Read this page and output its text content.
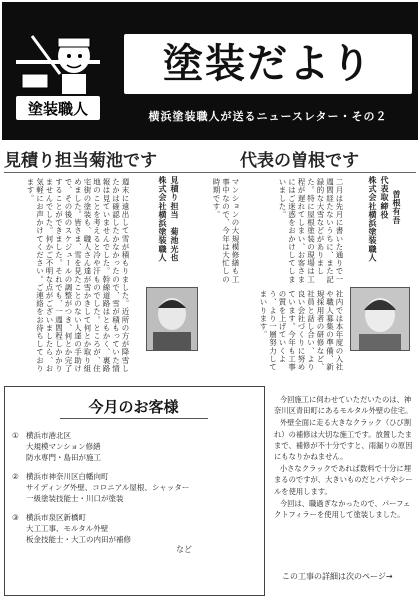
塗装職人
塗装だより
横浜塗装職人が送るニュースレター・その２
見積り担当菊池です	代表の曽根です
株式会社横浜塗装職人 見積り担当　菊池光也
週末に遠出して雪が積もりました。近所の方が降雪したかは確認したかなかったので、雪が積もっていた情報は見ていませんでした。幹線道路はともかく、裏路地のことを考えると冷や汗ものでした。ところが、住宅街の塗装も、職人さん達が雪かきして何とか取り組めました。皆さま、雪を見たことのない人達の手助けで、その後のスケジュールの調整がつき、何とか完了することができました。それでも、一週間程しかかりませんでした。何かご不明な点がございましたら、お気軽にお声かけてください。ご連絡をお待ちしております。	株式会社横浜塗装職人 代表取締役 曽根有吾
二月は先月に書いた通りで一週間経たないうちに、また記録的な大雪などがありました。特に屋根塗装の現場は工程が遅れてしまい、お客さまにはご迷惑をおかけしてしまいました。
マンションの大規模修繕も工事中なので、今年は大忙しの時期です。
社内では本年度の入社や職人募集の準備、新規採用者の研修など、社員と話し合い、より良い会社づくりに努めています。今年も工事の質を上げていくよう、より一層努力してまいります。
今月のお客様
① 横浜市港北区
大規模マンション修繕
防水専門・島田が施工
② 横浜市神奈川区白幡向町
サイディング外壁、コロニアル屋根、シャッター
一級塗装技能士・川口が塗装
③ 横浜市泉区新橋町
大工工事、モルタル外壁
板金技能士・大工の内田が補修
など

今回施工に伺わせていただいたのは、神奈川区青田町にあるモルタル外壁の住宅。

外壁全面に走る大きなクラック（ひび割れ）の補修は大切な施工です。放置したままで、補修が不十分ですと、雨漏りの原因にもなりかねません。

小さなクラックであれば数料で十分に埋まるのですが、大きいものだとパテやシールを使用します。

今回は、職過ぎなかったので、パーフェクトフィラーを使用して塗装しました。

この工事の詳細は次のページ→
